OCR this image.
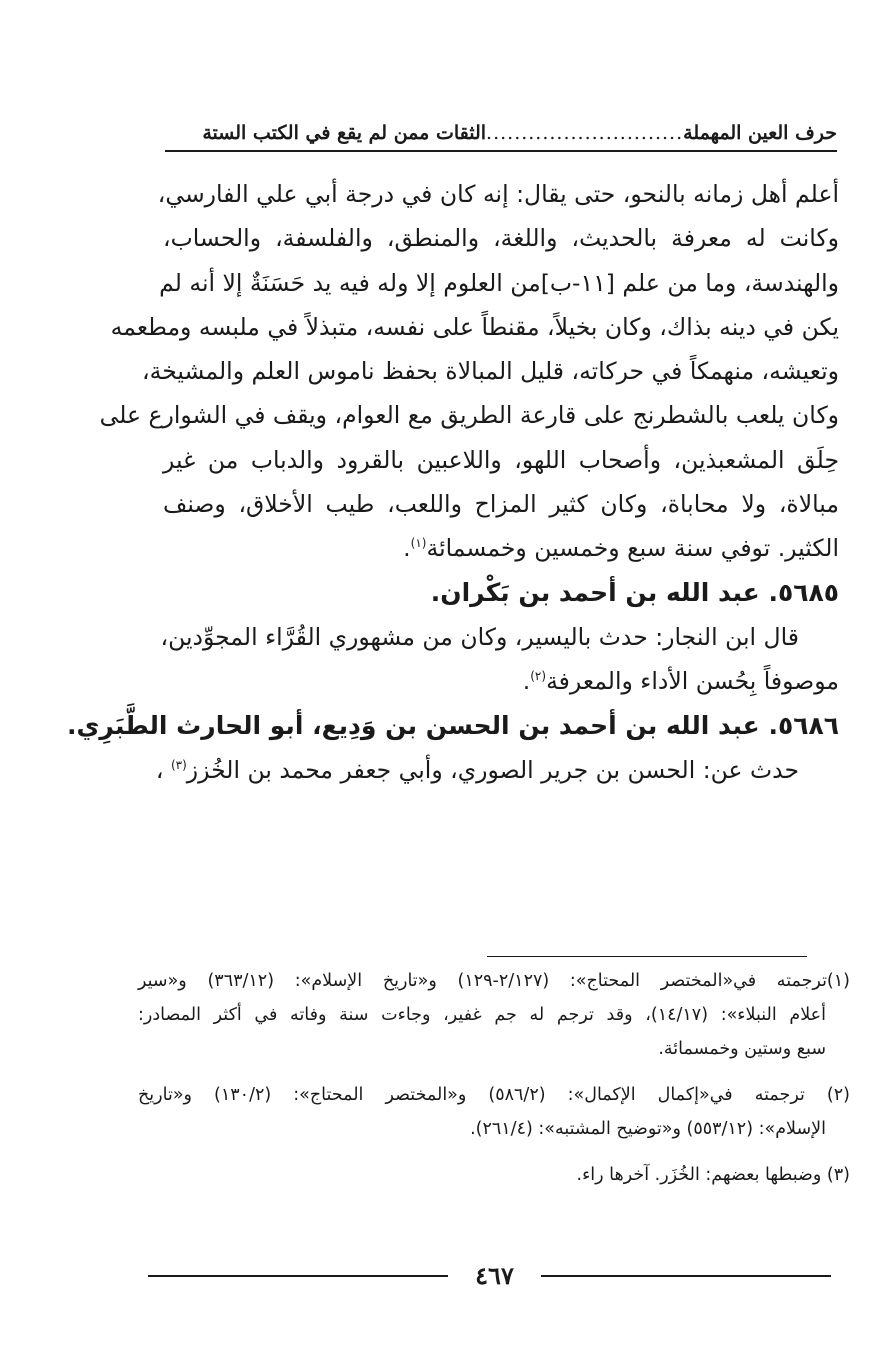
حرف العين المهملة
............................
الثقات ممن لم يقع في الكتب الستة

أعلم أهل زمانه بالنحو، حتى يقال: إنه كان في درجة أبي علي الفارسي،
وكانت له معرفة بالحديث، واللغة، والمنطق، والفلسفة، والحساب،
والهندسة، وما من علم [١١-ب]من العلوم إلا وله فيه يد حَسَنَةٌ إلا أنه لم
يكن في دينه بذاك، وكان بخيلاً، مقنطاً على نفسه، متبذلاً في ملبسه ومطعمه
وتعيشه، منهمكاً في حركاته، قليل المبالاة بحفظ ناموس العلم والمشيخة،
وكان يلعب بالشطرنج على قارعة الطريق مع العوام، ويقف في الشوارع على
حِلَق المشعبذين، وأصحاب اللهو، واللاعبين بالقرود والدباب من غير
مبالاة، ولا محاباة، وكان كثير المزاح واللعب، طيب الأخلاق، وصنف
الكثير. توفي سنة سبع وخمسين وخمسمائة$^{(١)}$.

٥٦٨٥. عبد الله بن أحمد بن بَكْران.

قال ابن النجار: حدث باليسير، وكان من مشهوري القُرَّاء المجوِّدين،
موصوفاً بِحُسن الأداء والمعرفة$^{(٢)}$.

٥٦٨٦. عبد الله بن أحمد بن الحسن بن وَدِيع، أبو الحارث الطَّبَرِي.

حدث عن: الحسن بن جرير الصوري، وأبي جعفر محمد بن الخُزز$^{(٣)}$ ،

(١)ترجمته في«المختصر المحتاج»: (٢/١٢٧-١٢٩) و«تاريخ الإسلام»: (٣٦٣/١٢) و«سير
أعلام النبلاء»: (١٤/١٧)، وقد ترجم له جم غفير، وجاءت سنة وفاته في أكثر المصادر:
سبع وستين وخمسمائة.
(٢) ترجمته في«إكمال الإكمال»: (٥٨٦/٢) و«المختصر المحتاج»: (١٣٠/٢) و«تاريخ
الإسلام»: (٥٥٣/١٢) و«توضيح المشتبه»: (٢٦١/٤).
(٣) وضبطها بعضهم: الخُزَر. آخرها راء.
٤٦٧
